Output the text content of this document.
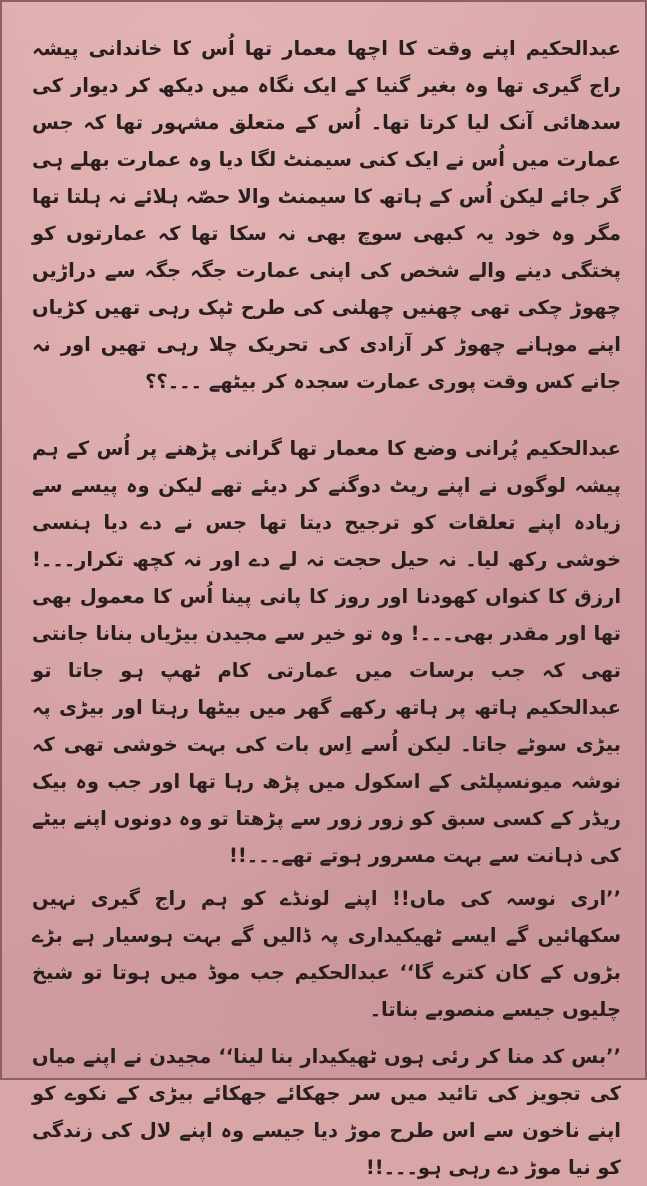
عبدالحکیم اپنے وقت کا اچھا معمار تھا اُس کا خاندانی پیشہ راج گیری تھا وہ بغیر گنیا کے ایک نگاہ میں دیکھ کر دیوار کی سدھائی آنک لیا کرتا تھا۔ اُس کے متعلق مشہور تھا کہ جس عمارت میں اُس نے ایک کنی سیمنٹ لگا دیا وہ عمارت بھلے ہی گر جائے لیکن اُس کے ہاتھ کا سیمنٹ والا حصّہ ہلائے نہ ہلتا تھا مگر وہ خود یہ کبھی سوچ بھی نہ سکا تھا کہ عمارتوں کو پختگی دینے والے شخص کی اپنی عمارت جگہ جگہ سے دراڑیں چھوڑ چکی تھی چھنیں چھلنی کی طرح ٹپک رہی تھیں کڑیاں اپنے موہانے چھوڑ کر آزادی کی تحریک چلا رہی تھیں اور نہ جانے کس وقت پوری عمارت سجدہ کر بیٹھے ۔۔۔؟؟

عبدالحکیم پُرانی وضع کا معمار تھا گرانی پڑھنے پر اُس کے ہم پیشہ لوگوں نے اپنے ریٹ دوگنے کر دیئے تھے لیکن وہ پیسے سے زیادہ اپنے تعلقات کو ترجیح دیتا تھا جس نے دے دیا ہنسی خوشی رکھ لیا۔ نہ حیل حجت نہ لے دے اور نہ کچھ تکرار۔۔۔! ارزق کا کنواں کھودنا اور روز کا پانی پینا اُس کا معمول بھی تھا اور مقدر بھی۔۔۔! وہ تو خیر سے مجیدن بیڑیاں بنانا جانتی تھی کہ جب برسات میں عمارتی کام ٹھپ ہو جاتا تو عبدالحکیم ہاتھ پر ہاتھ رکھے گھر میں بیٹھا رہتا اور بیڑی پہ بیڑی سوٹے جاتا۔ لیکن اُسے اِس بات کی بہت خوشی تھی کہ نوشہ میونسپلٹی کے اسکول میں پڑھ رہا تھا اور جب وہ بیک ریڈر کے کسی سبق کو زور زور سے پڑھتا تو وہ دونوں اپنے بیٹے کی ذہانت سے بہت مسرور ہوتے تھے۔۔۔!!

’’اری نوسہ کی ماں!! اپنے لونڈے کو ہم راج گیری نہیں سکھائیں گے ایسے ٹھیکیداری پہ ڈالیں گے بہت ہوسیار ہے بڑے بڑوں کے کان کترے گا‘‘ عبدالحکیم جب موڈ میں ہوتا تو شیخ چلیوں جیسے منصوبے بناتا۔

’’بس کد منا کر رئی ہوں ٹھیکیدار بنا لینا‘‘ مجیدن نے اپنے میاں کی تجویز کی تائید میں سر جھکائے جھکائے بیڑی کے نکوے کو اپنے ناخون سے اس طرح موڑ دیا جیسے وہ اپنے لال کی زندگی کو نیا موڑ دے رہی ہو۔۔۔!!
